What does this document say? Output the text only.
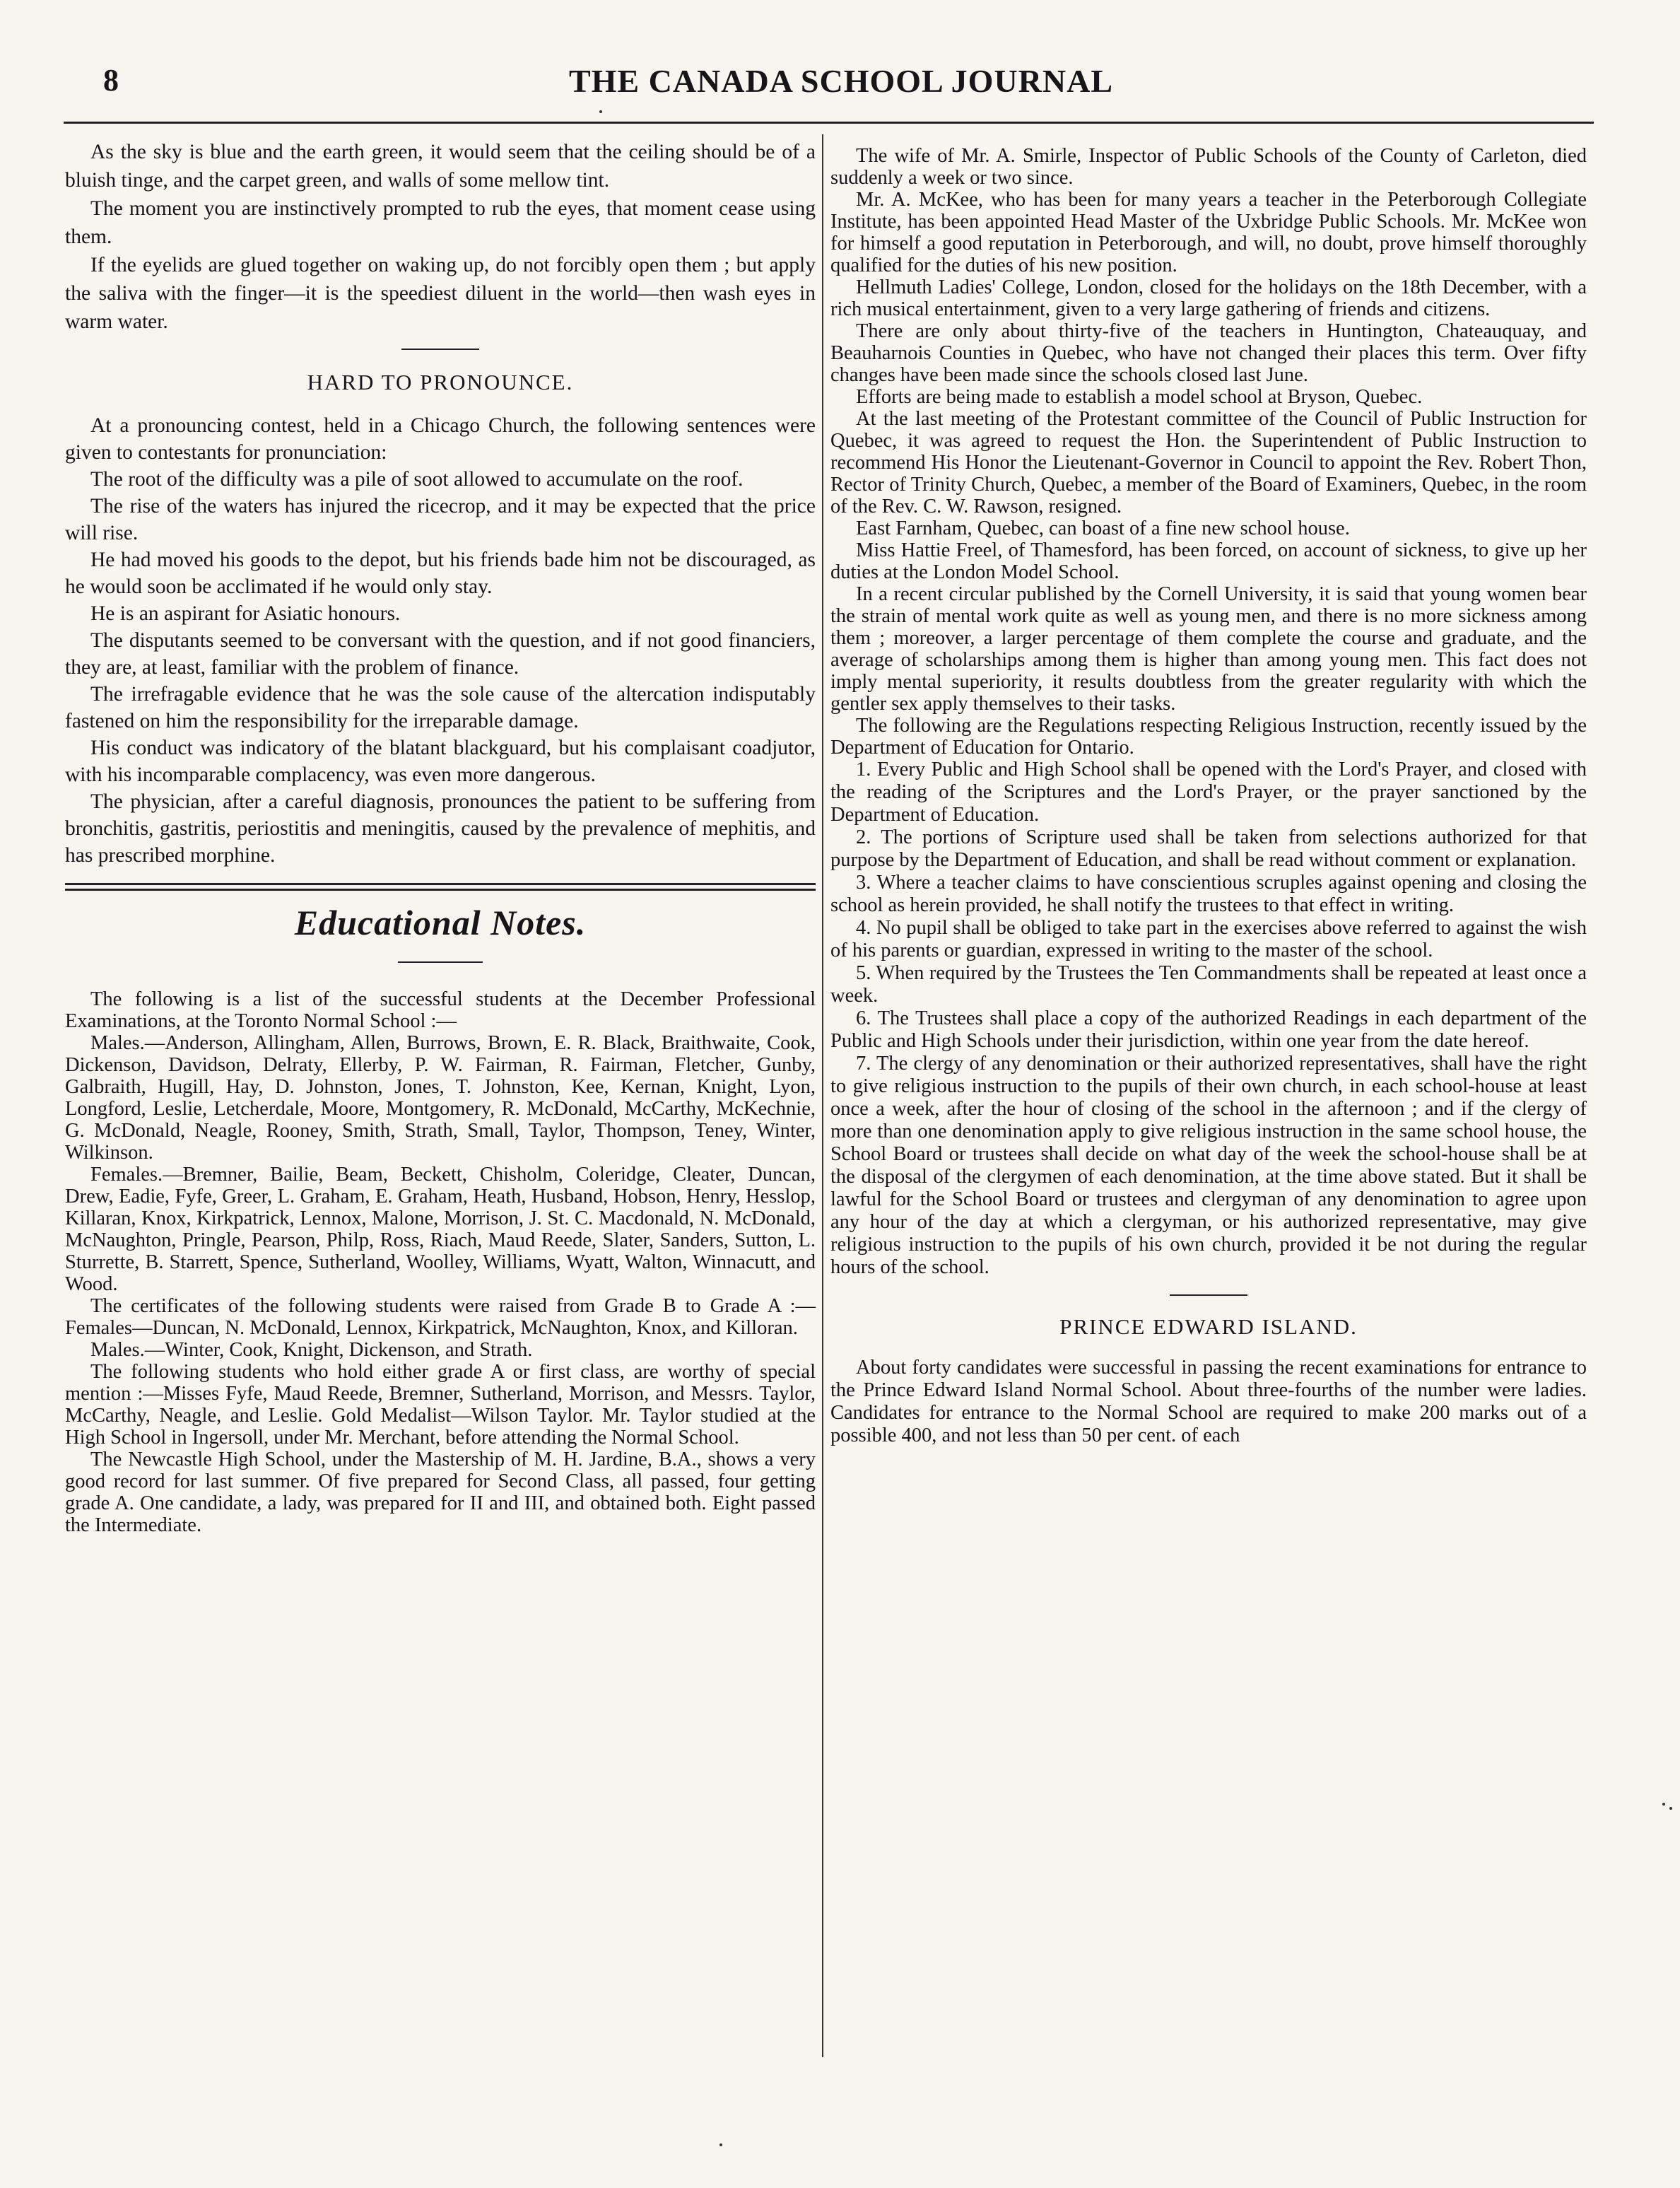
8	THE CANADA SCHOOL JOURNAL

As the sky is blue and the earth green, it would seem that the ceiling should be of a bluish tinge, and the carpet green, and walls of some mellow tint.

The moment you are instinctively prompted to rub the eyes, that moment cease using them.

If the eyelids are glued together on waking up, do not forcibly open them ; but apply the saliva with the finger—it is the speediest diluent in the world—then wash eyes in warm water.

HARD TO PRONOUNCE.

At a pronouncing contest, held in a Chicago Church, the following sentences were given to contestants for pronunciation:

The root of the difficulty was a pile of soot allowed to accumulate on the roof.

The rise of the waters has injured the ricecrop, and it may be expected that the price will rise.

He had moved his goods to the depot, but his friends bade him not be discouraged, as he would soon be acclimated if he would only stay.

He is an aspirant for Asiatic honours.

The disputants seemed to be conversant with the question, and if not good financiers, they are, at least, familiar with the problem of finance.

The irrefragable evidence that he was the sole cause of the altercation indisputably fastened on him the responsibility for the irreparable damage.

His conduct was indicatory of the blatant blackguard, but his complaisant coadjutor, with his incomparable complacency, was even more dangerous.

The physician, after a careful diagnosis, pronounces the patient to be suffering from bronchitis, gastritis, periostitis and meningitis, caused by the prevalence of mephitis, and has prescribed morphine.

Educational Notes.

The following is a list of the successful students at the December Professional Examinations, at the Toronto Normal School :—

Males.—Anderson, Allingham, Allen, Burrows, Brown, E. R. Black, Braithwaite, Cook, Dickenson, Davidson, Delraty, Ellerby, P. W. Fairman, R. Fairman, Fletcher, Gunby, Galbraith, Hugill, Hay, D. Johnston, Jones, T. Johnston, Kee, Kernan, Knight, Lyon, Longford, Leslie, Letcherdale, Moore, Montgomery, R. McDonald, McCarthy, McKechnie, G. McDonald, Neagle, Rooney, Smith, Strath, Small, Taylor, Thompson, Teney, Winter, Wilkinson.

Females.—Bremner, Bailie, Beam, Beckett, Chisholm, Coleridge, Cleater, Duncan, Drew, Eadie, Fyfe, Greer, L. Graham, E. Graham, Heath, Husband, Hobson, Henry, Hesslop, Killaran, Knox, Kirkpatrick, Lennox, Malone, Morrison, J. St. C. Macdonald, N. McDonald, McNaughton, Pringle, Pearson, Philp, Ross, Riach, Maud Reede, Slater, Sanders, Sutton, L. Sturrette, B. Starrett, Spence, Sutherland, Woolley, Williams, Wyatt, Walton, Winnacutt, and Wood.

The certificates of the following students were raised from Grade B to Grade A :—Females—Duncan, N. McDonald, Lennox, Kirkpatrick, McNaughton, Knox, and Killoran.

Males.—Winter, Cook, Knight, Dickenson, and Strath.

The following students who hold either grade A or first class, are worthy of special mention :—Misses Fyfe, Maud Reede, Bremner, Sutherland, Morrison, and Messrs. Taylor, McCarthy, Neagle, and Leslie. Gold Medalist—Wilson Taylor. Mr. Taylor studied at the High School in Ingersoll, under Mr. Merchant, before attending the Normal School.

The Newcastle High School, under the Mastership of M. H. Jardine, B.A., shows a very good record for last summer. Of five prepared for Second Class, all passed, four getting grade A. One candidate, a lady, was prepared for II and III, and obtained both. Eight passed the Intermediate.

The wife of Mr. A. Smirle, Inspector of Public Schools of the County of Carleton, died suddenly a week or two since.

Mr. A. McKee, who has been for many years a teacher in the Peterborough Collegiate Institute, has been appointed Head Master of the Uxbridge Public Schools. Mr. McKee won for himself a good reputation in Peterborough, and will, no doubt, prove himself thoroughly qualified for the duties of his new position.

Hellmuth Ladies' College, London, closed for the holidays on the 18th December, with a rich musical entertainment, given to a very large gathering of friends and citizens.

There are only about thirty-five of the teachers in Huntington, Chateauquay, and Beauharnois Counties in Quebec, who have not changed their places this term. Over fifty changes have been made since the schools closed last June.

Efforts are being made to establish a model school at Bryson, Quebec.

At the last meeting of the Protestant committee of the Council of Public Instruction for Quebec, it was agreed to request the Hon. the Superintendent of Public Instruction to recommend His Honor the Lieutenant-Governor in Council to appoint the Rev. Robert Thon, Rector of Trinity Church, Quebec, a member of the Board of Examiners, Quebec, in the room of the Rev. C. W. Rawson, resigned.

East Farnham, Quebec, can boast of a fine new school house.

Miss Hattie Freel, of Thamesford, has been forced, on account of sickness, to give up her duties at the London Model School.

In a recent circular published by the Cornell University, it is said that young women bear the strain of mental work quite as well as young men, and there is no more sickness among them ; moreover, a larger percentage of them complete the course and graduate, and the average of scholarships among them is higher than among young men. This fact does not imply mental superiority, it results doubtless from the greater regularity with which the gentler sex apply themselves to their tasks.

The following are the Regulations respecting Religious Instruction, recently issued by the Department of Education for Ontario.

1. Every Public and High School shall be opened with the Lord's Prayer, and closed with the reading of the Scriptures and the Lord's Prayer, or the prayer sanctioned by the Department of Education.

2. The portions of Scripture used shall be taken from selections authorized for that purpose by the Department of Education, and shall be read without comment or explanation.

3. Where a teacher claims to have conscientious scruples against opening and closing the school as herein provided, he shall notify the trustees to that effect in writing.

4. No pupil shall be obliged to take part in the exercises above referred to against the wish of his parents or guardian, expressed in writing to the master of the school.

5. When required by the Trustees the Ten Commandments shall be repeated at least once a week.

6. The Trustees shall place a copy of the authorized Readings in each department of the Public and High Schools under their jurisdiction, within one year from the date hereof.

7. The clergy of any denomination or their authorized representatives, shall have the right to give religious instruction to the pupils of their own church, in each school-house at least once a week, after the hour of closing of the school in the afternoon ; and if the clergy of more than one denomination apply to give religious instruction in the same school house, the School Board or trustees shall decide on what day of the week the school-house shall be at the disposal of the clergymen of each denomination, at the time above stated. But it shall be lawful for the School Board or trustees and clergyman of any denomination to agree upon any hour of the day at which a clergyman, or his authorized representative, may give religious instruction to the pupils of his own church, provided it be not during the regular hours of the school.

PRINCE EDWARD ISLAND.

About forty candidates were successful in passing the recent examinations for entrance to the Prince Edward Island Normal School. About three-fourths of the number were ladies. Candidates for entrance to the Normal School are required to make 200 marks out of a possible 400, and not less than 50 per cent. of each
